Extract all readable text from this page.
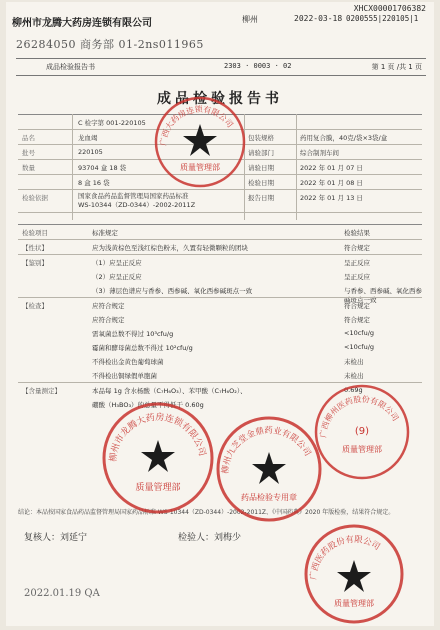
XHCX00001706382
柳州市龙腾大药房连锁有限公司	柳州	2022-03-18 0200555|220105|1
26284050 商务部 01-2ns011965
成品检验报告书	2303 · 0003 · 02	第 1 页 /共 1 页
成品检验报告书
C 检字第 001-220105
品名	龙血竭	包装规格	药用复合膜，40克/袋×3袋/盒
批号	220105	请验部门	综合制剂车间
数量	93704 盒 18 袋	请验日期	2022 年 01 月 07 日
8 盒 16 袋	检验日期	2022 年 01 月 08 日
检验依据	国家食品药品监督管理局国家药品标准
WS-10344（ZD-0344）-2002-2011Z
报告日期	2022 年 01 月 13 日
检验项目	标准规定	检验结果
【性状】	应为浅黄棕色至浅红棕色粉末，久置有轻微颗粒的团块	符合规定
【鉴别】	（1）应呈正反应	呈正反应
（2）应呈正反应	呈正反应
（3）薄层色谱应与香参、西参碱、氧化西参碱斑点一致	与香参、西参碱、氧化西参碱斑点一致
【检查】	应符合规定	符合规定
应符合规定	符合规定
需氧菌总数不得过 10³cfu/g	<10cfu/g
霉菌和酵母菌总数不得过 10²cfu/g	<10cfu/g
不得检出金黄色葡萄球菌	未检出
不得检出铜绿假单胞菌	未检出
【含量测定】	本品每 1g 含水杨酸（C₇H₆O₃）、苯甲酸（C₇H₆O₂）、	0.69g
硼酸（H₃BO₃）的总量不得低于 0.60g
结论：本品按国家食品药品监督管理局国家药品标准 WS-10344（ZD-0344）-2002-2011Z、《中国药典》2020 年版检验，结果符合规定。
复核人：刘延宁	检验人：刘梅少
2022.01.19 QA
广西大药房连锁有限公司
质量管理部
柳州市龙腾大药房连锁有限公司
质量管理部
广西柳州医药股份有限公司
(9)
质量管理部
柳州九芝堂金鼎药业有限公司
药品检验专用章
广西医药股份有限公司
质量管理部
